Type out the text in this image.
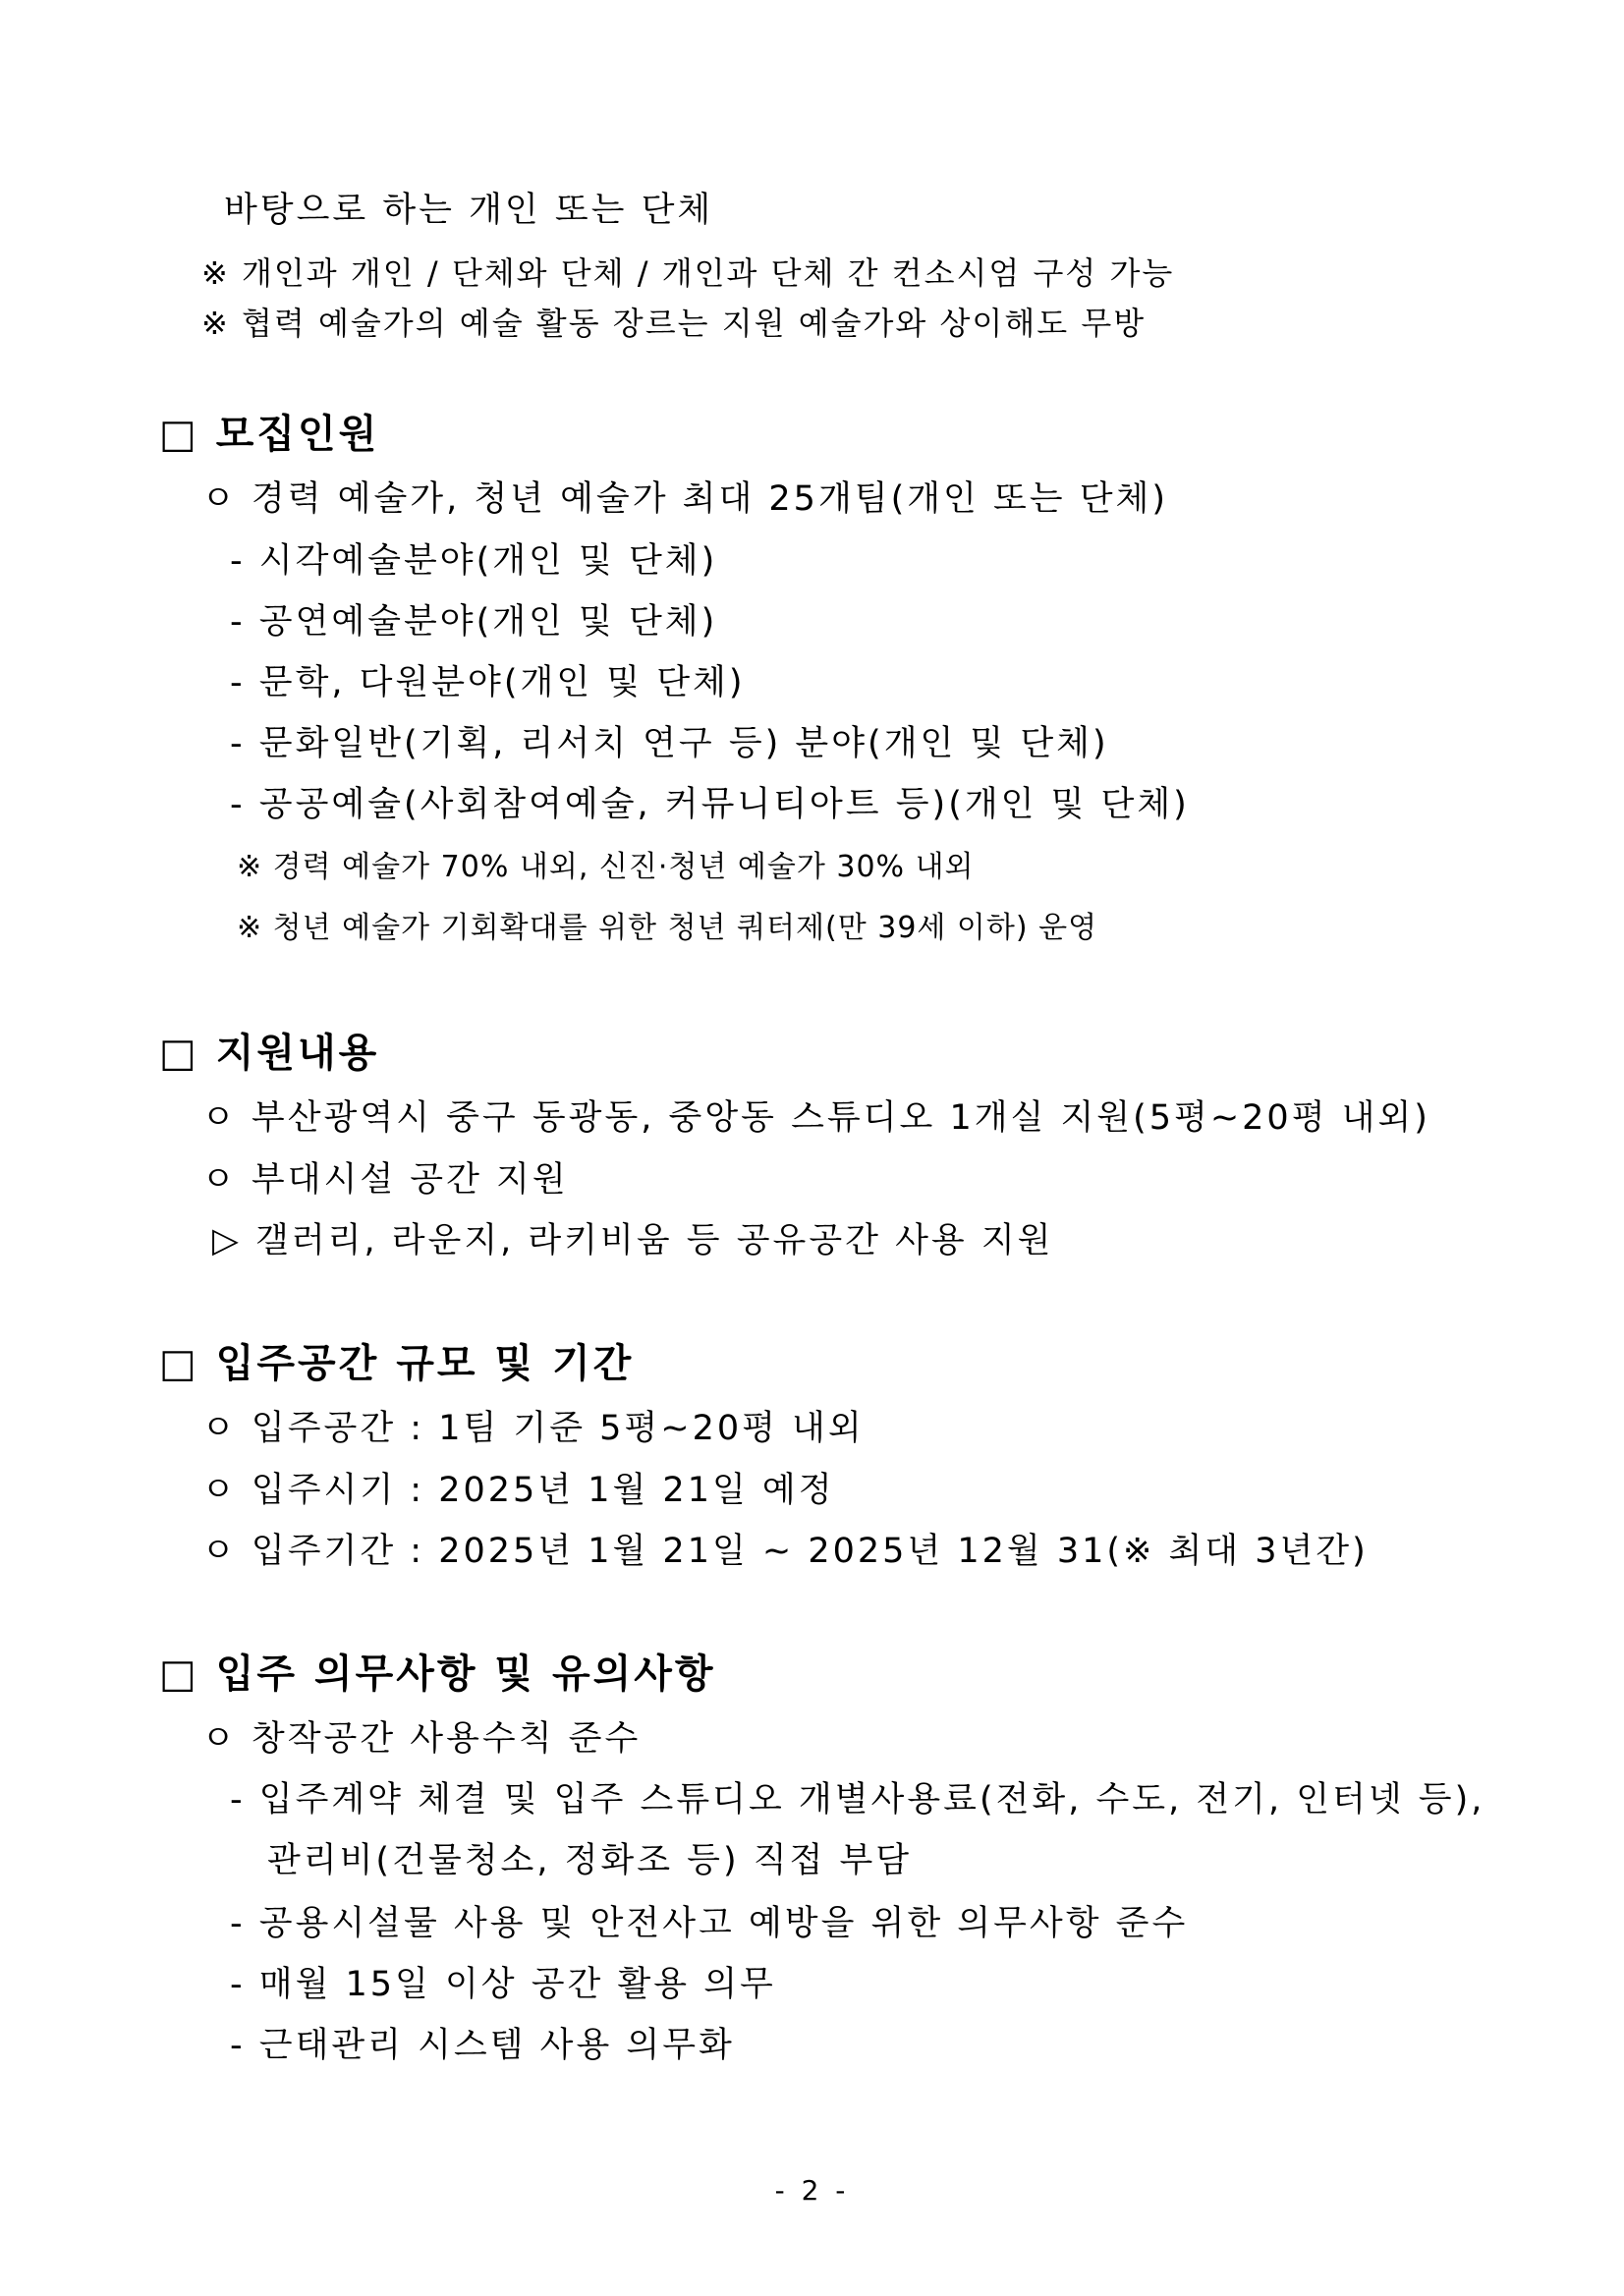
바탕으로 하는 개인 또는 단체
※ 개인과 개인 / 단체와 단체 / 개인과 단체 간 컨소시엄 구성 가능
※ 협력 예술가의 예술 활동 장르는 지원 예술가와 상이해도 무방
□ 모집인원
ㅇ 경력 예술가, 청년 예술가 최대 25개팀(개인 또는 단체)
- 시각예술분야(개인 및 단체)
- 공연예술분야(개인 및 단체)
- 문학, 다원분야(개인 및 단체)
- 문화일반(기획, 리서치 연구 등) 분야(개인 및 단체)
- 공공예술(사회참여예술, 커뮤니티아트 등)(개인 및 단체)
※ 경력 예술가 70% 내외, 신진·청년 예술가 30% 내외
※ 청년 예술가 기회확대를 위한 청년 쿼터제(만 39세 이하) 운영
□ 지원내용
ㅇ 부산광역시 중구 동광동, 중앙동 스튜디오 1개실 지원(5평~20평 내외)
ㅇ 부대시설 공간 지원
▷ 갤러리, 라운지, 라키비움 등 공유공간 사용 지원
□ 입주공간 규모 및 기간
ㅇ 입주공간 : 1팀 기준 5평~20평 내외
ㅇ 입주시기 : 2025년 1월 21일 예정
ㅇ 입주기간 : 2025년 1월 21일 ~ 2025년 12월 31(※ 최대 3년간)
□ 입주 의무사항 및 유의사항
ㅇ 창작공간 사용수칙 준수
- 입주계약 체결 및 입주 스튜디오 개별사용료(전화, 수도, 전기, 인터넷 등),
관리비(건물청소, 정화조 등) 직접 부담
- 공용시설물 사용 및 안전사고 예방을 위한 의무사항 준수
- 매월 15일 이상 공간 활용 의무
- 근태관리 시스템 사용 의무화
- 2 -
